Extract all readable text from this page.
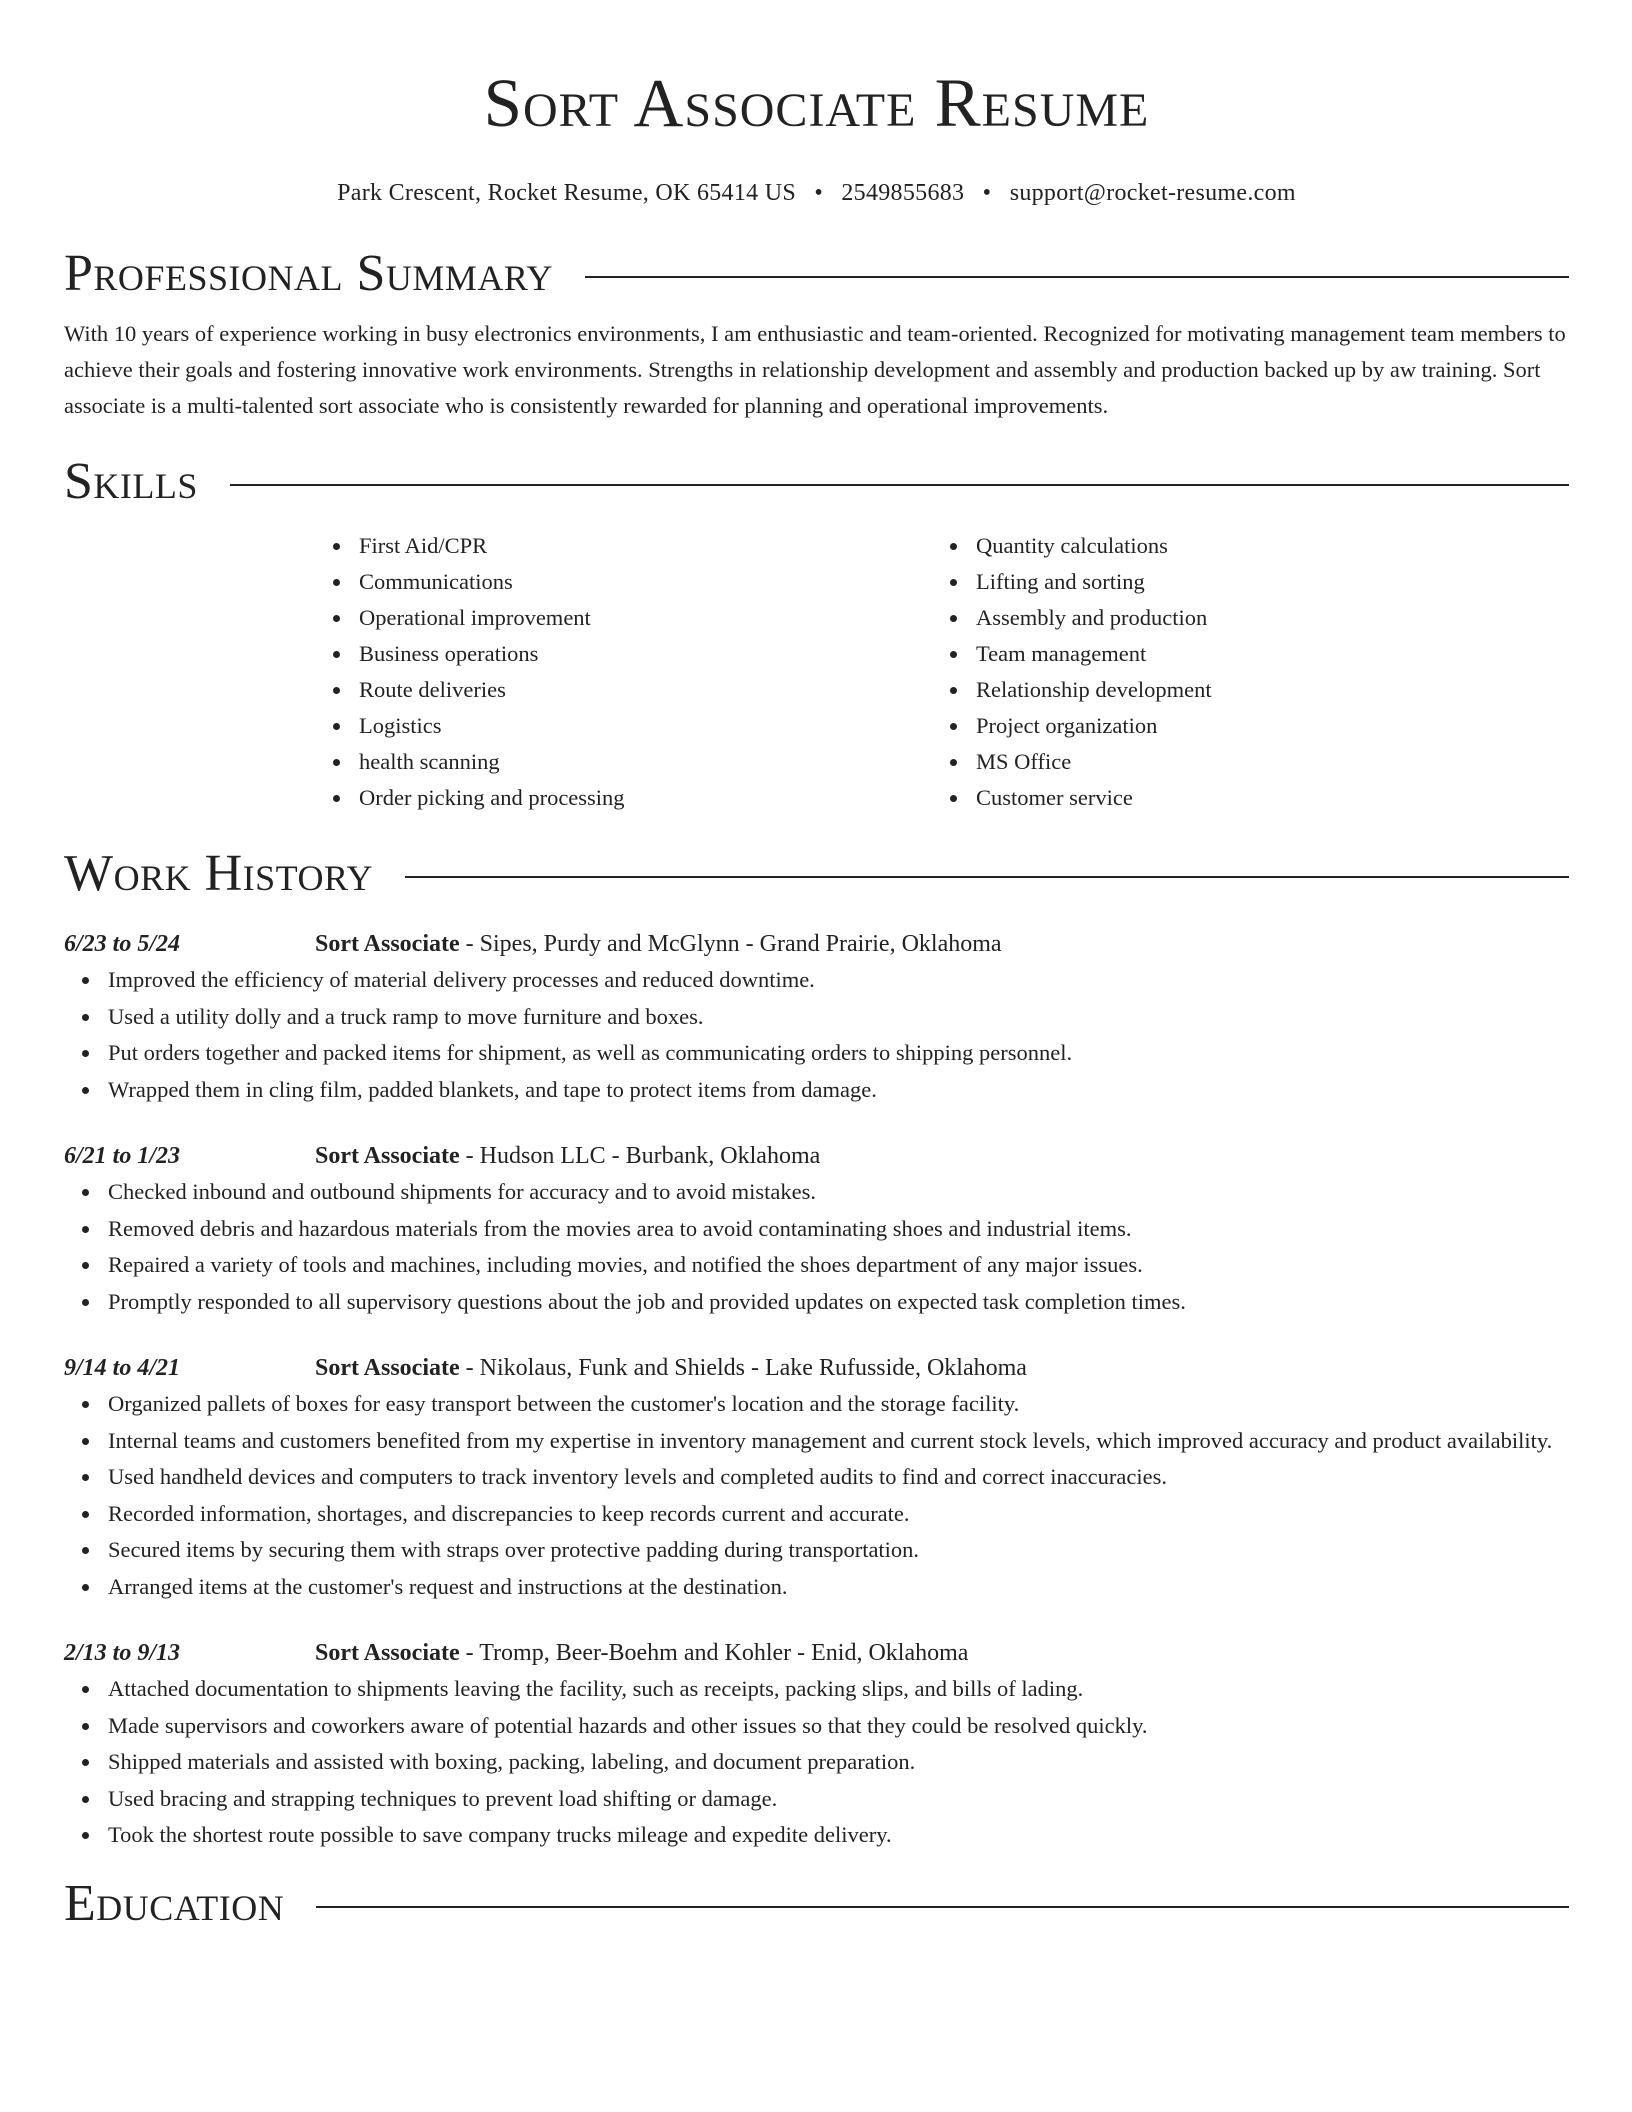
Sort Associate Resume
Park Crescent, Rocket Resume, OK 65414 US • 2549855683 • support@rocket-resume.com
Professional Summary
With 10 years of experience working in busy electronics environments, I am enthusiastic and team-oriented. Recognized for motivating management team members to achieve their goals and fostering innovative work environments. Strengths in relationship development and assembly and production backed up by aw training. Sort associate is a multi-talented sort associate who is consistently rewarded for planning and operational improvements.
Skills
First Aid/CPR
Communications
Operational improvement
Business operations
Route deliveries
Logistics
health scanning
Order picking and processing
Quantity calculations
Lifting and sorting
Assembly and production
Team management
Relationship development
Project organization
MS Office
Customer service
Work History
6/23 to 5/24	Sort Associate - Sipes, Purdy and McGlynn - Grand Prairie, Oklahoma
Improved the efficiency of material delivery processes and reduced downtime.
Used a utility dolly and a truck ramp to move furniture and boxes.
Put orders together and packed items for shipment, as well as communicating orders to shipping personnel.
Wrapped them in cling film, padded blankets, and tape to protect items from damage.
6/21 to 1/23	Sort Associate - Hudson LLC - Burbank, Oklahoma
Checked inbound and outbound shipments for accuracy and to avoid mistakes.
Removed debris and hazardous materials from the movies area to avoid contaminating shoes and industrial items.
Repaired a variety of tools and machines, including movies, and notified the shoes department of any major issues.
Promptly responded to all supervisory questions about the job and provided updates on expected task completion times.
9/14 to 4/21	Sort Associate - Nikolaus, Funk and Shields - Lake Rufusside, Oklahoma
Organized pallets of boxes for easy transport between the customer's location and the storage facility.
Internal teams and customers benefited from my expertise in inventory management and current stock levels, which improved accuracy and product availability.
Used handheld devices and computers to track inventory levels and completed audits to find and correct inaccuracies.
Recorded information, shortages, and discrepancies to keep records current and accurate.
Secured items by securing them with straps over protective padding during transportation.
Arranged items at the customer's request and instructions at the destination.
2/13 to 9/13	Sort Associate - Tromp, Beer-Boehm and Kohler - Enid, Oklahoma
Attached documentation to shipments leaving the facility, such as receipts, packing slips, and bills of lading.
Made supervisors and coworkers aware of potential hazards and other issues so that they could be resolved quickly.
Shipped materials and assisted with boxing, packing, labeling, and document preparation.
Used bracing and strapping techniques to prevent load shifting or damage.
Took the shortest route possible to save company trucks mileage and expedite delivery.
Education
